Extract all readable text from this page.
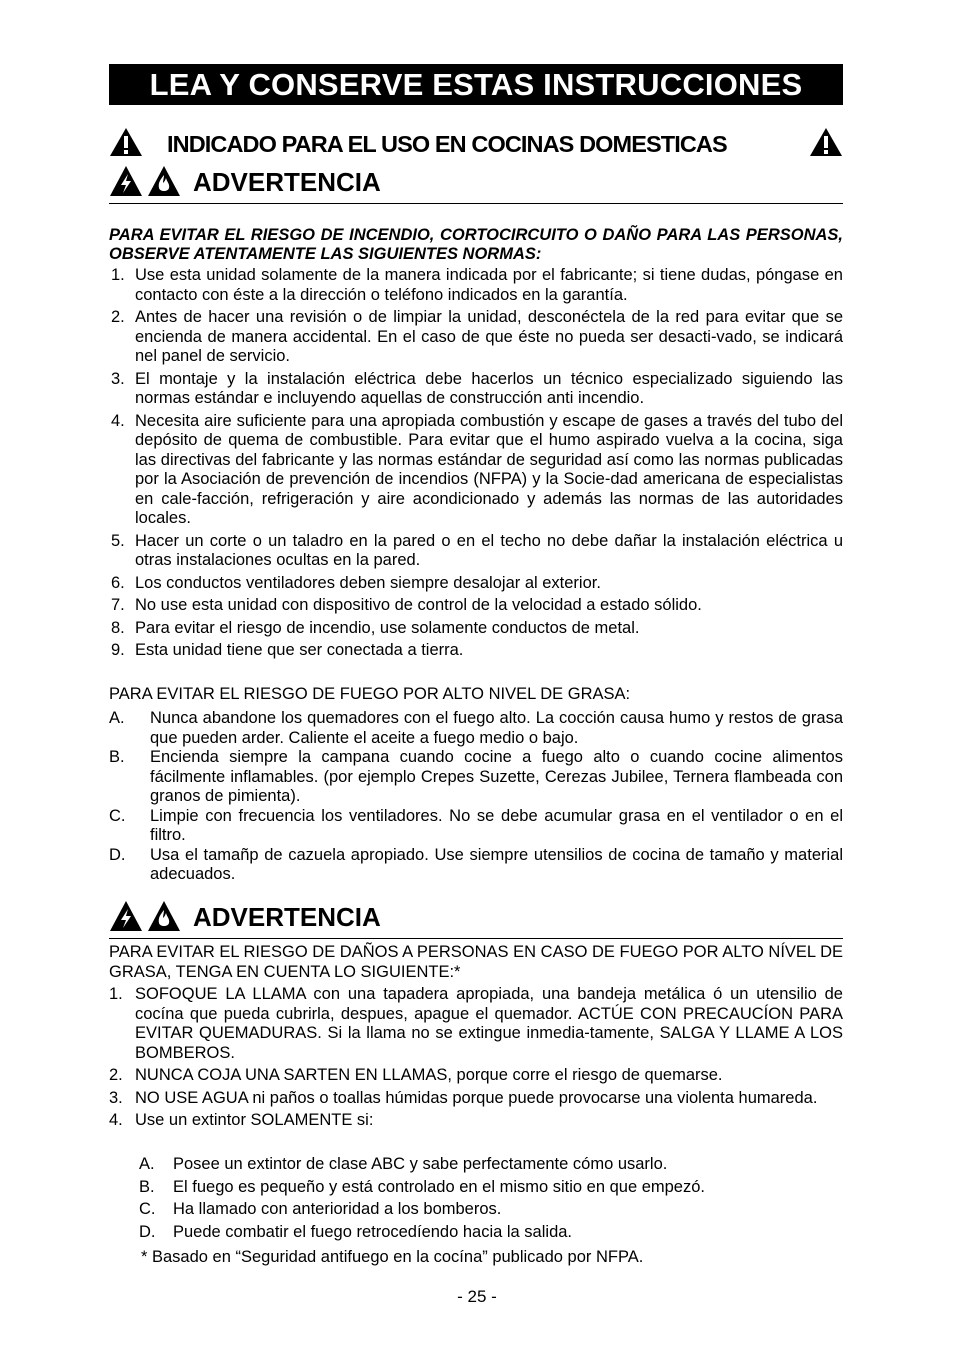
LEA Y CONSERVE ESTAS INSTRUCCIONES
INDICADO PARA EL USO EN COCINAS DOMESTICAS
ADVERTENCIA
PARA EVITAR EL RIESGO DE INCENDIO, CORTOCIRCUITO O DAÑO PARA LAS PERSONAS, OBSERVE ATENTAMENTE LAS SIGUIENTES NORMAS:
1. Use esta unidad solamente de la manera indicada por el fabricante; si tiene dudas, póngase en contacto con éste a la dirección o teléfono indicados en la garantía.
2. Antes de hacer una revisión o de limpiar la unidad, desconéctela de la red para evitar que se encienda de manera accidental. En el caso de que éste no pueda ser desacti-vado, se indicará nel panel de servicio.
3. El montaje y la instalación eléctrica debe hacerlos un técnico especializado siguiendo las normas estándar e incluyendo aquellas de construcción anti incendio.
4. Necesita aire suficiente para una apropiada combustión y escape de gases a través del tubo del depósito de quema de combustible. Para evitar que el humo aspirado vuelva a la cocina, siga las directivas del fabricante y las normas estándar de seguridad así como las normas publicadas por la Asociación de prevención de incendios (NFPA) y la Socie-dad americana de especialistas en cale-facción, refrigeración y aire acondicionado y además las normas de las autoridades locales.
5. Hacer un corte o un taladro en la pared o en el techo no debe dañar la instalación eléctrica u otras instalaciones ocultas en la pared.
6. Los conductos ventiladores deben siempre desalojar al exterior.
7. No use esta unidad con dispositivo de control de la velocidad a estado sólido.
8. Para evitar el riesgo de incendio, use solamente conductos de metal.
9. Esta unidad tiene que ser conectada a tierra.
PARA EVITAR EL RIESGO DE FUEGO POR ALTO NIVEL DE GRASA:
A. Nunca abandone los quemadores con el fuego alto. La cocción causa humo y restos de grasa que pueden arder. Caliente el aceite a fuego medio o bajo.
B. Encienda siempre la campana cuando cocine a fuego alto o cuando cocine alimentos fácilmente inflamables. (por ejemplo Crepes Suzette, Cerezas Jubilee, Ternera flambeada con granos de pimienta).
C. Limpie con frecuencia los ventiladores. No se debe acumular grasa en el ventilador o en el filtro.
D. Usa el tamañp de cazuela apropiado. Use siempre utensilios de cocina de tamaño y material adecuados.
ADVERTENCIA
PARA EVITAR EL RIESGO DE DAÑOS A PERSONAS EN CASO DE FUEGO POR ALTO NÍVEL DE GRASA, TENGA EN CUENTA LO SIGUIENTE:*
1. SOFOQUE LA LLAMA con una tapadera apropiada, una bandeja metálica ó un utensilio de cocína que pueda cubrirla, despues, apague el quemador. ACTÚE CON PRECAUCÍON PARA EVITAR QUEMADURAS. Si la llama no se extingue inmedia-tamente, SALGA Y LLAME A LOS BOMBEROS.
2. NUNCA COJA UNA SARTEN EN LLAMAS, porque corre el riesgo de quemarse.
3. NO USE AGUA ni paños o toallas húmidas porque puede provocarse una violenta humareda.
4. Use un extintor SOLAMENTE si:
A. Posee un extintor de clase ABC y sabe perfectamente cómo usarlo.
B. El fuego es pequeño y está controlado en el mismo sitio en que empezó.
C. Ha llamado con anterioridad a los bomberos.
D. Puede combatir el fuego retrocedíendo hacia la salida.
* Basado en “Seguridad antifuego en la cocína” publicado por NFPA.
- 25 -
